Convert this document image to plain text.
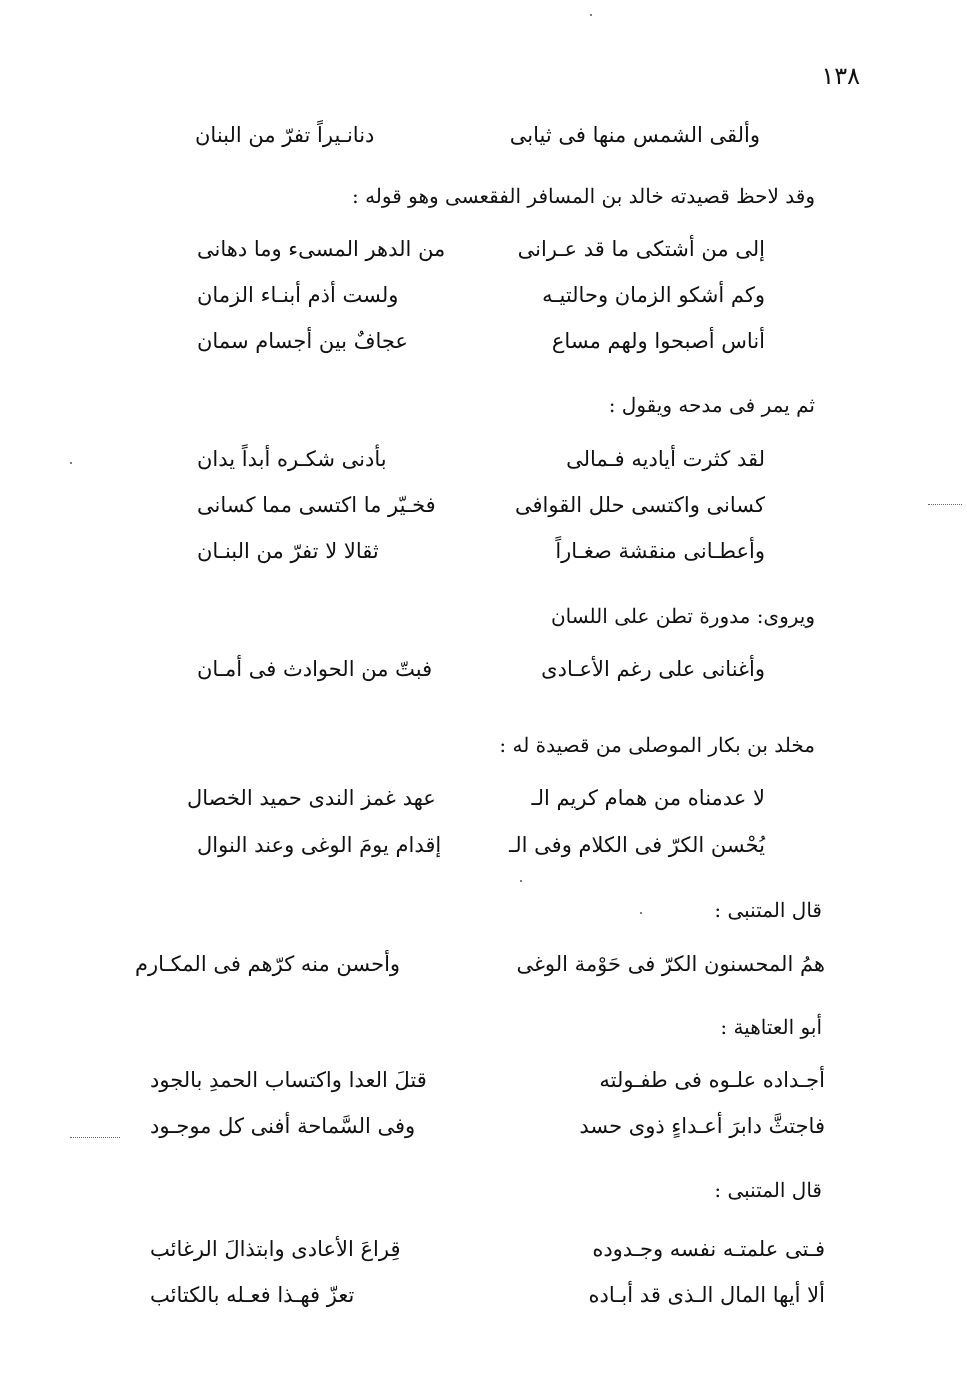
١٣٨
وألقى الشمس منها فى ثيابى
دنانـيراً تفرّ من البنان
وقد لاحظ قصيدته خالد بن المسافر الفقعسى وهو قوله :
إلى من أشتكى ما قد عـرانى
من الدهر المسىء وما دهانى
وكم أشكو الزمان وحالتيـه
ولست أذم أبنـاء الزمان
أناس أصبحوا ولهم مساع
عجافٌ بين أجسام سمان
ثم يمر فى مدحه ويقول :
لقد كثرت أياديه فـمالى
بأدنى شكـره أبداً يدان
كسانى واكتسى حلل القوافى
فخـيّر ما اكتسى مما كسانى
وأعطـانى منقشة صغـاراً
ثقالا لا تفرّ من البنـان
ويروى: مدورة تطن على اللسان
وأغنانى على رغم الأعـادى
فبتّ من الحوادث فى أمـان
مخلد بن بكار الموصلى من قصيدة له :
لا عدمناه من همام كريم الـ
عهد غمز الندى حميد الخصال
يُحْسن الكرّ فى الكلام وفى الـ
إقدام يومَ الوغى وعند النوال
قال المتنبى :
همُ المحسنون الكرّ فى حَوْمة الوغى
وأحسن منه كرّهم فى المكـارم
أبو العتاهية :
أجـداده علـوه فى طفـولته
قتلَ العدا واكتساب الحمدِ بالجود
فاجتثَّ دابرَ أعـداءٍ ذوى حسد
وفى السَّماحة أفنى كل موجـود
قال المتنبى :
فـتى علمتـه نفسه وجـدوده
قِراعَ الأعادى وابتذالَ الرغائب
ألا أيها المال الـذى قد أبـاده
تعزّ فهـذا فعـله بالكتائب
